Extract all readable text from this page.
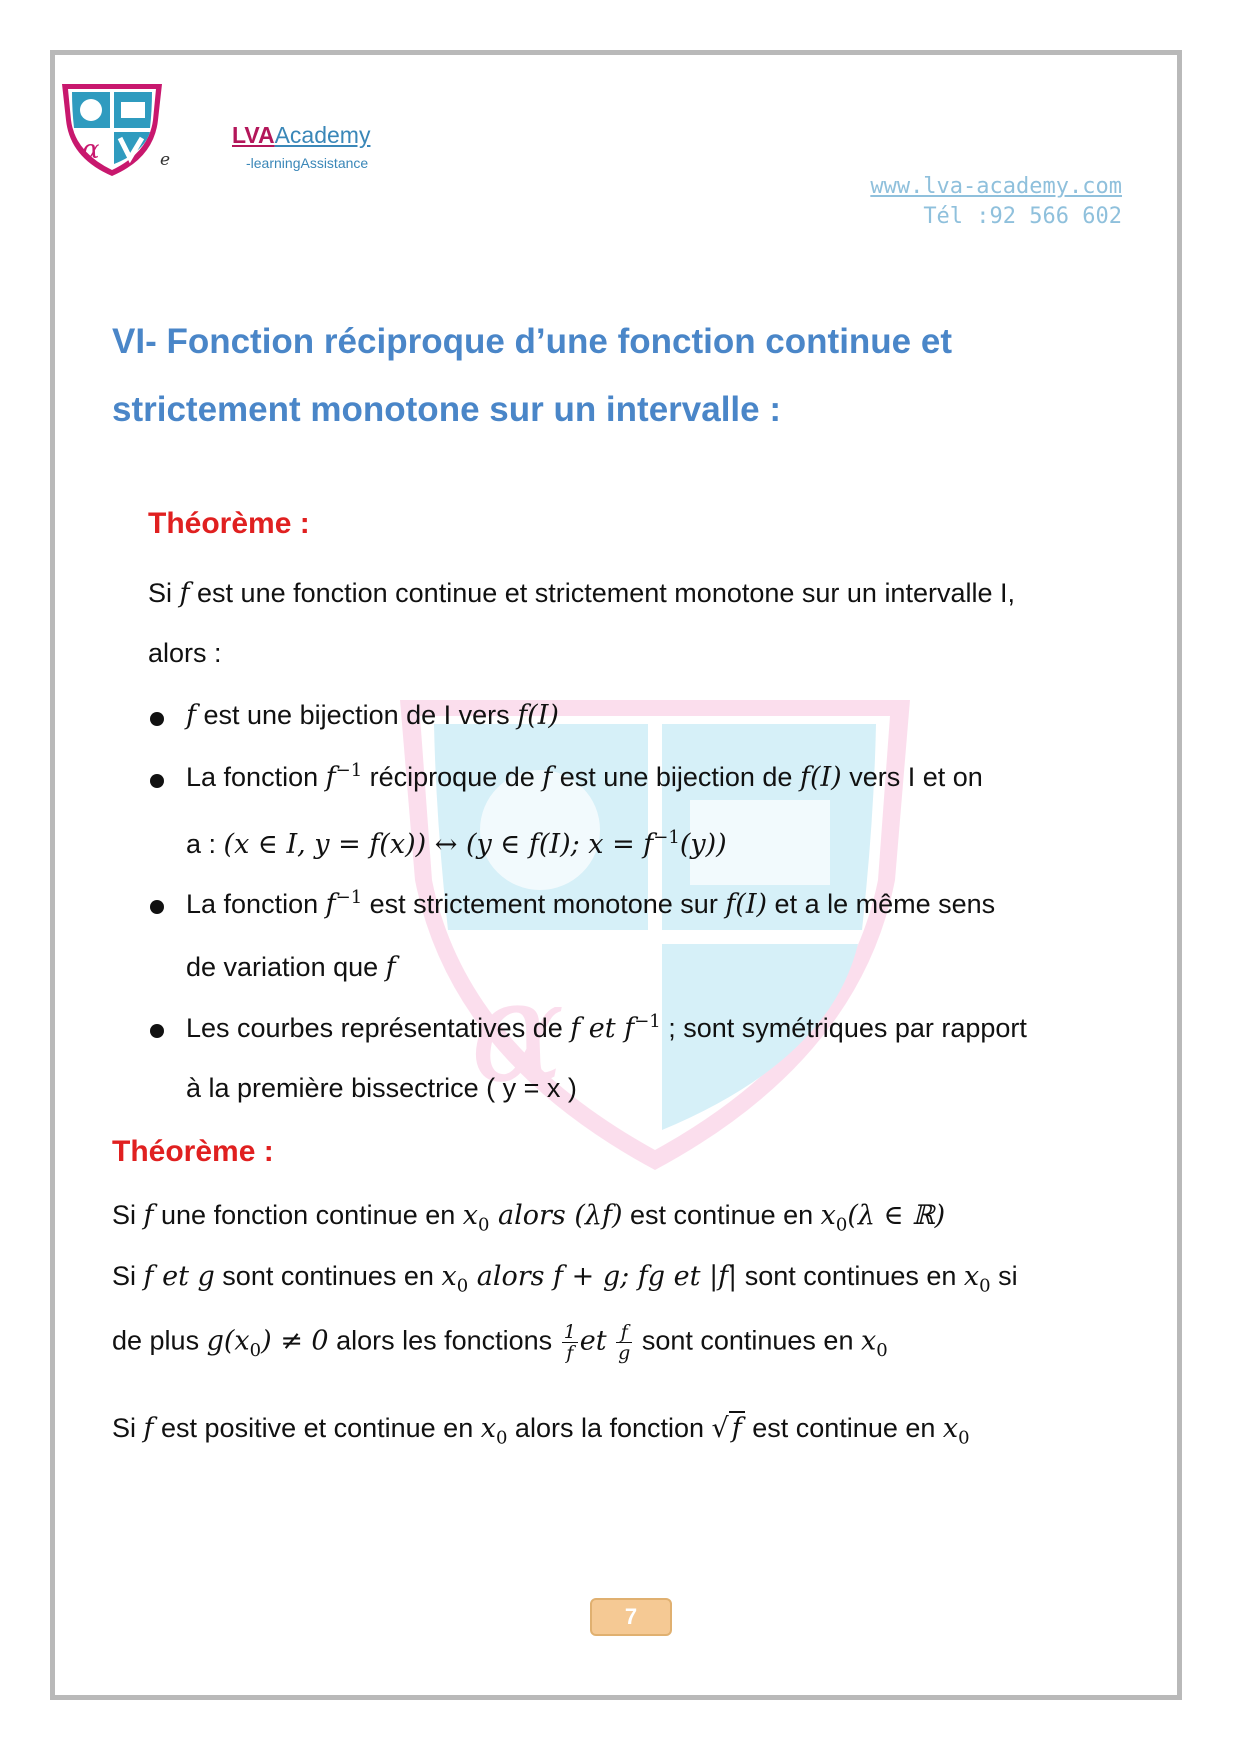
α	e
LVAAcademy
-learningAssistance
www.lva-academy.com
Tél :92 566 602
α
VI- Fonction réciproque d’une fonction continue et
strictement monotone sur un intervalle :
Théorème :
Si f est une fonction continue et strictement monotone sur un intervalle I,
alors :
f est une bijection de I vers f(I)
La fonction $f^{-1}$ réciproque de f est une bijection de f(I) vers I et on
a : (x ∈ I, y = f(x)) ↔ (y ∈ f(I); $x = f^{-1}(y)$)
La fonction $f^{-1}$ est strictement monotone sur f(I) et a le même sens
de variation que f
Les courbes représentatives de f et $f^{-1}$ ; sont symétriques par rapport
à la première bissectrice ( y = x )
Théorème :
Si f une fonction continue en $x_0$ alors (λf) est continue en $x_0(\lambda$ ∈ ℝ)
Si f et g sont continues en $x_0$ alors f + g; fg et |f| sont continues en $x_0$ si
de plus $g(x_0) \ne 0$ alors les fonctions $\frac{1}{f}$ et $\frac{f}{g}$ sont continues en $x_0$
Si f est positive et continue en $x_0$ alors la fonction √ f est continue en $x_0$
7
